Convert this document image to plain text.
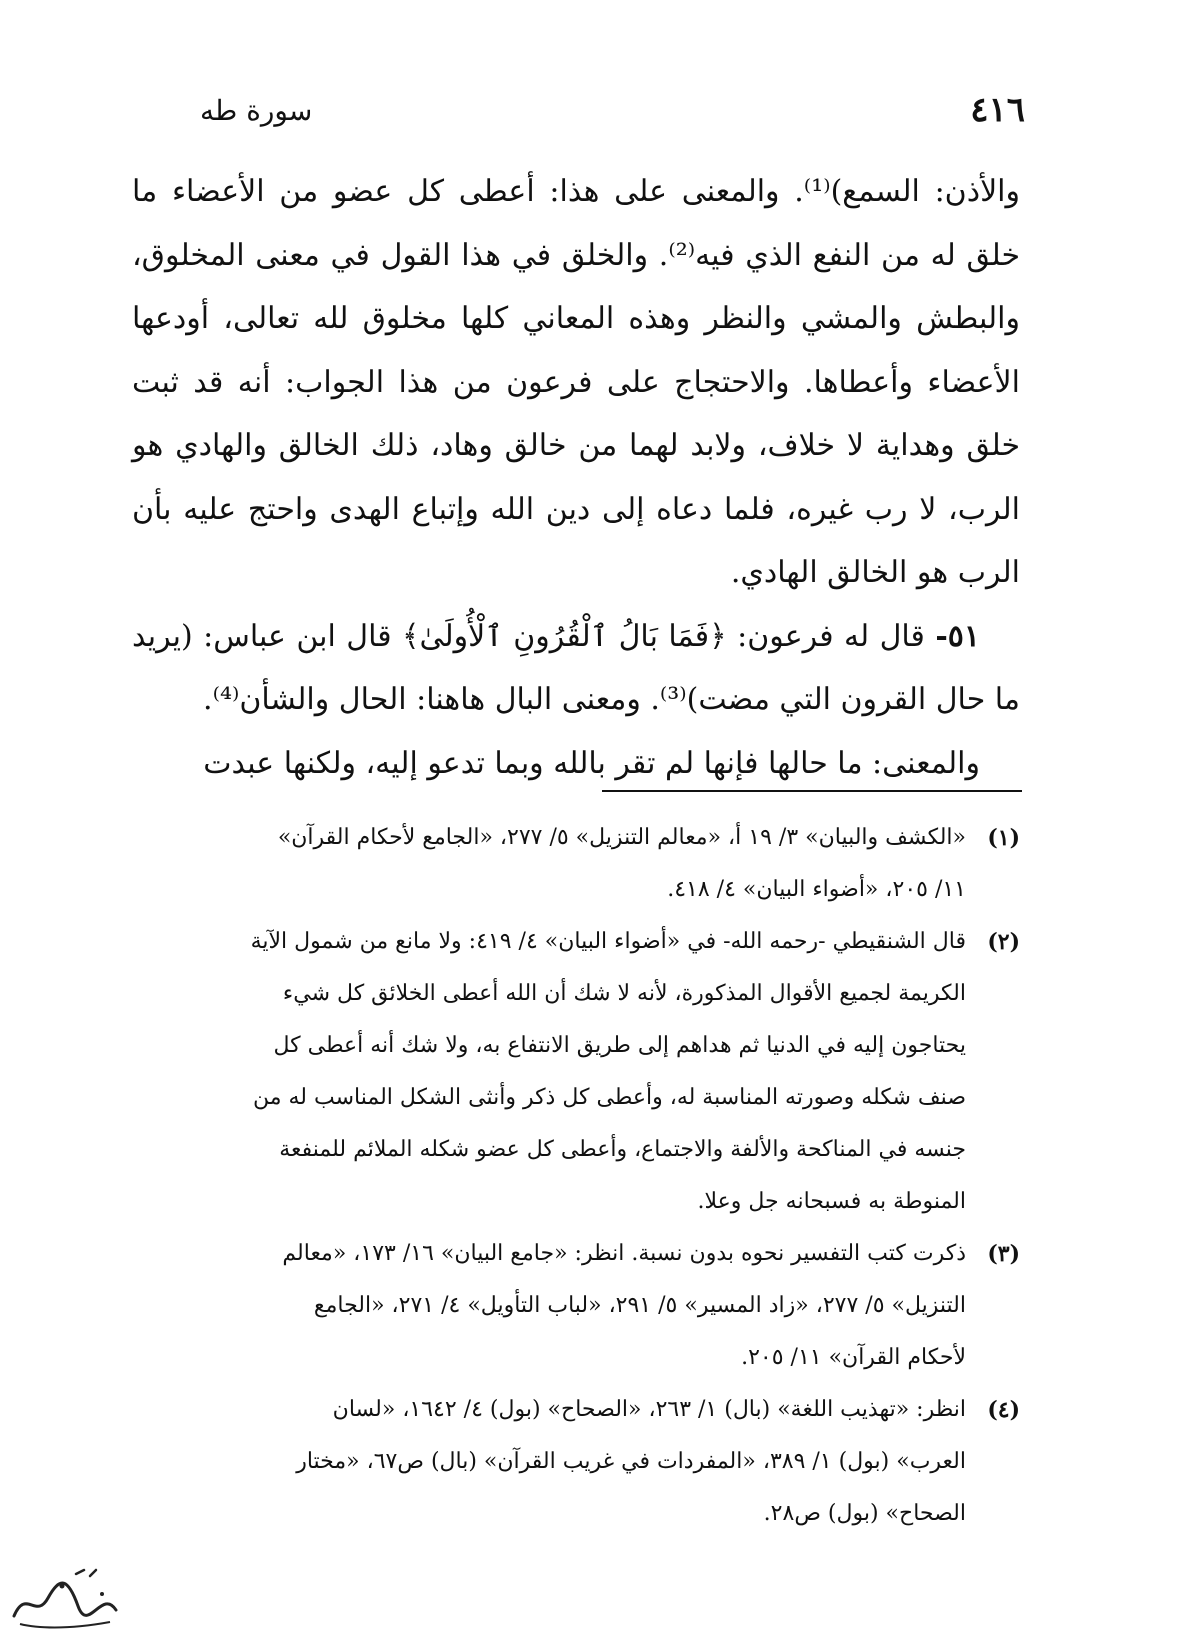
٤١٦
سورة طه

والأذن: السمع)⁽¹⁾. والمعنى على هذا: أعطى كل عضو من الأعضاء ما خلق له من النفع الذي فيه⁽²⁾. والخلق في هذا القول في معنى المخلوق، والبطش والمشي والنظر وهذه المعاني كلها مخلوق لله تعالى، أودعها الأعضاء وأعطاها. والاحتجاج على فرعون من هذا الجواب: أنه قد ثبت خلق وهداية لا خلاف، ولابد لهما من خالق وهاد، ذلك الخالق والهادي هو الرب، لا رب غيره، فلما دعاه إلى دين الله وإتباع الهدى واحتج عليه بأن الرب هو الخالق الهادي.

٥١- قال له فرعون: ﴿فَمَا بَالُ ٱلْقُرُونِ ٱلْأُولَىٰ﴾ قال ابن عباس: (يريد ما حال القرون التي مضت)⁽³⁾. ومعنى البال هاهنا: الحال والشأن⁽⁴⁾.

والمعنى: ما حالها فإنها لم تقر بالله وبما تدعو إليه، ولكنها عبدت

(١)
«الكشف والبيان» ٣/ ١٩ أ، «معالم التنزيل» ٥/ ٢٧٧، «الجامع لأحكام القرآن»
١١/ ٢٠٥، «أضواء البيان» ٤/ ٤١٨.
(٢)
قال الشنقيطي -رحمه الله- في «أضواء البيان» ٤/ ٤١٩: ولا مانع من شمول الآية
الكريمة لجميع الأقوال المذكورة، لأنه لا شك أن الله أعطى الخلائق كل شيء
يحتاجون إليه في الدنيا ثم هداهم إلى طريق الانتفاع به، ولا شك أنه أعطى كل
صنف شكله وصورته المناسبة له، وأعطى كل ذكر وأنثى الشكل المناسب له من
جنسه في المناكحة والألفة والاجتماع، وأعطى كل عضو شكله الملائم للمنفعة
المنوطة به فسبحانه جل وعلا.
(٣)
ذكرت كتب التفسير نحوه بدون نسبة. انظر: «جامع البيان» ١٦/ ١٧٣، «معالم
التنزيل» ٥/ ٢٧٧، «زاد المسير» ٥/ ٢٩١، «لباب التأويل» ٤/ ٢٧١، «الجامع
لأحكام القرآن» ١١/ ٢٠٥.
(٤)
انظر: «تهذيب اللغة» (بال) ١/ ٢٦٣، «الصحاح» (بول) ٤/ ١٦٤٢، «لسان
العرب» (بول) ١/ ٣٨٩، «المفردات في غريب القرآن» (بال) ص٦٧، «مختار
الصحاح» (بول) ص٢٨.
